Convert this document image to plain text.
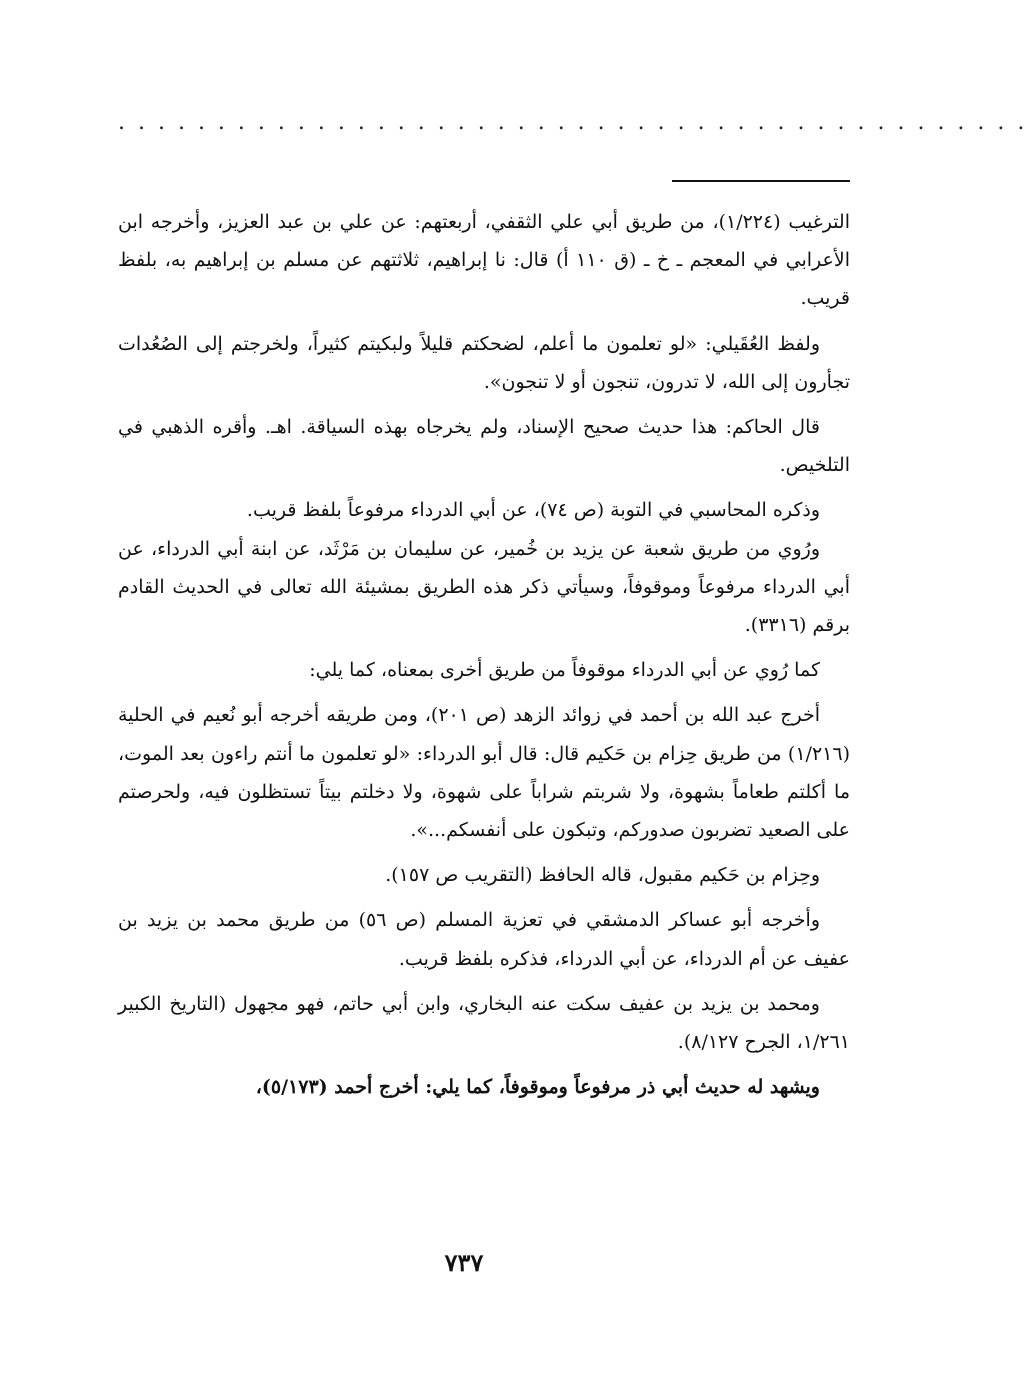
. . . . . . . . . . . . . . . . . . . . . . . . . . . . . . . . . . . . . . . . . . . . . .

الترغيب (١/٢٢٤)، من طريق أبي علي الثقفي، أربعتهم: عن علي بن عبد العزيز، وأخرجه ابن الأعرابي في المعجم ـ خ ـ (ق ١١٠ أ) قال: نا إبراهيم، ثلاثتهم عن مسلم بن إبراهيم به، بلفظ قريب.

ولفظ العُقَيلي: «لو تعلمون ما أعلم، لضحكتم قليلاً ولبكيتم كثيراً، ولخرجتم إلى الصُعُدات تجأرون إلى الله، لا تدرون، تنجون أو لا تنجون».

قال الحاكم: هذا حديث صحيح الإسناد، ولم يخرجاه بهذه السياقة. اهـ. وأقره الذهبي في التلخيص.

وذكره المحاسبي في التوبة (ص ٧٤)، عن أبي الدرداء مرفوعاً بلفظ قريب.

ورُوي من طريق شعبة عن يزيد بن خُمير، عن سليمان بن مَرْثَد، عن ابنة أبي الدرداء، عن أبي الدرداء مرفوعاً وموقوفاً، وسيأتي ذكر هذه الطريق بمشيئة الله تعالى في الحديث القادم برقم (٣٣١٦).

كما رُوي عن أبي الدرداء موقوفاً من طريق أخرى بمعناه، كما يلي:

أخرج عبد الله بن أحمد في زوائد الزهد (ص ٢٠١)، ومن طريقه أخرجه أبو نُعيم في الحلية (١/٢١٦) من طريق حِزام بن حَكيم قال: قال أبو الدرداء: «لو تعلمون ما أنتم راءون بعد الموت، ما أكلتم طعاماً بشهوة، ولا شربتم شراباً على شهوة، ولا دخلتم بيتاً تستظلون فيه، ولحرصتم على الصعيد تضربون صدوركم، وتبكون على أنفسكم...».

وحِزام بن حَكيم مقبول، قاله الحافظ (التقريب ص ١٥٧).

وأخرجه أبو عساكر الدمشقي في تعزية المسلم (ص ٥٦) من طريق محمد بن يزيد بن عفيف عن أم الدرداء، عن أبي الدرداء، فذكره بلفظ قريب.

ومحمد بن يزيد بن عفيف سكت عنه البخاري، وابن أبي حاتم، فهو مجهول (التاريخ الكبير ١/٢٦١، الجرح ٨/١٢٧).

ويشهد له حديث أبي ذر مرفوعاً وموقوفاً، كما يلي: أخرج أحمد (٥/١٧٣)،

٧٣٧
